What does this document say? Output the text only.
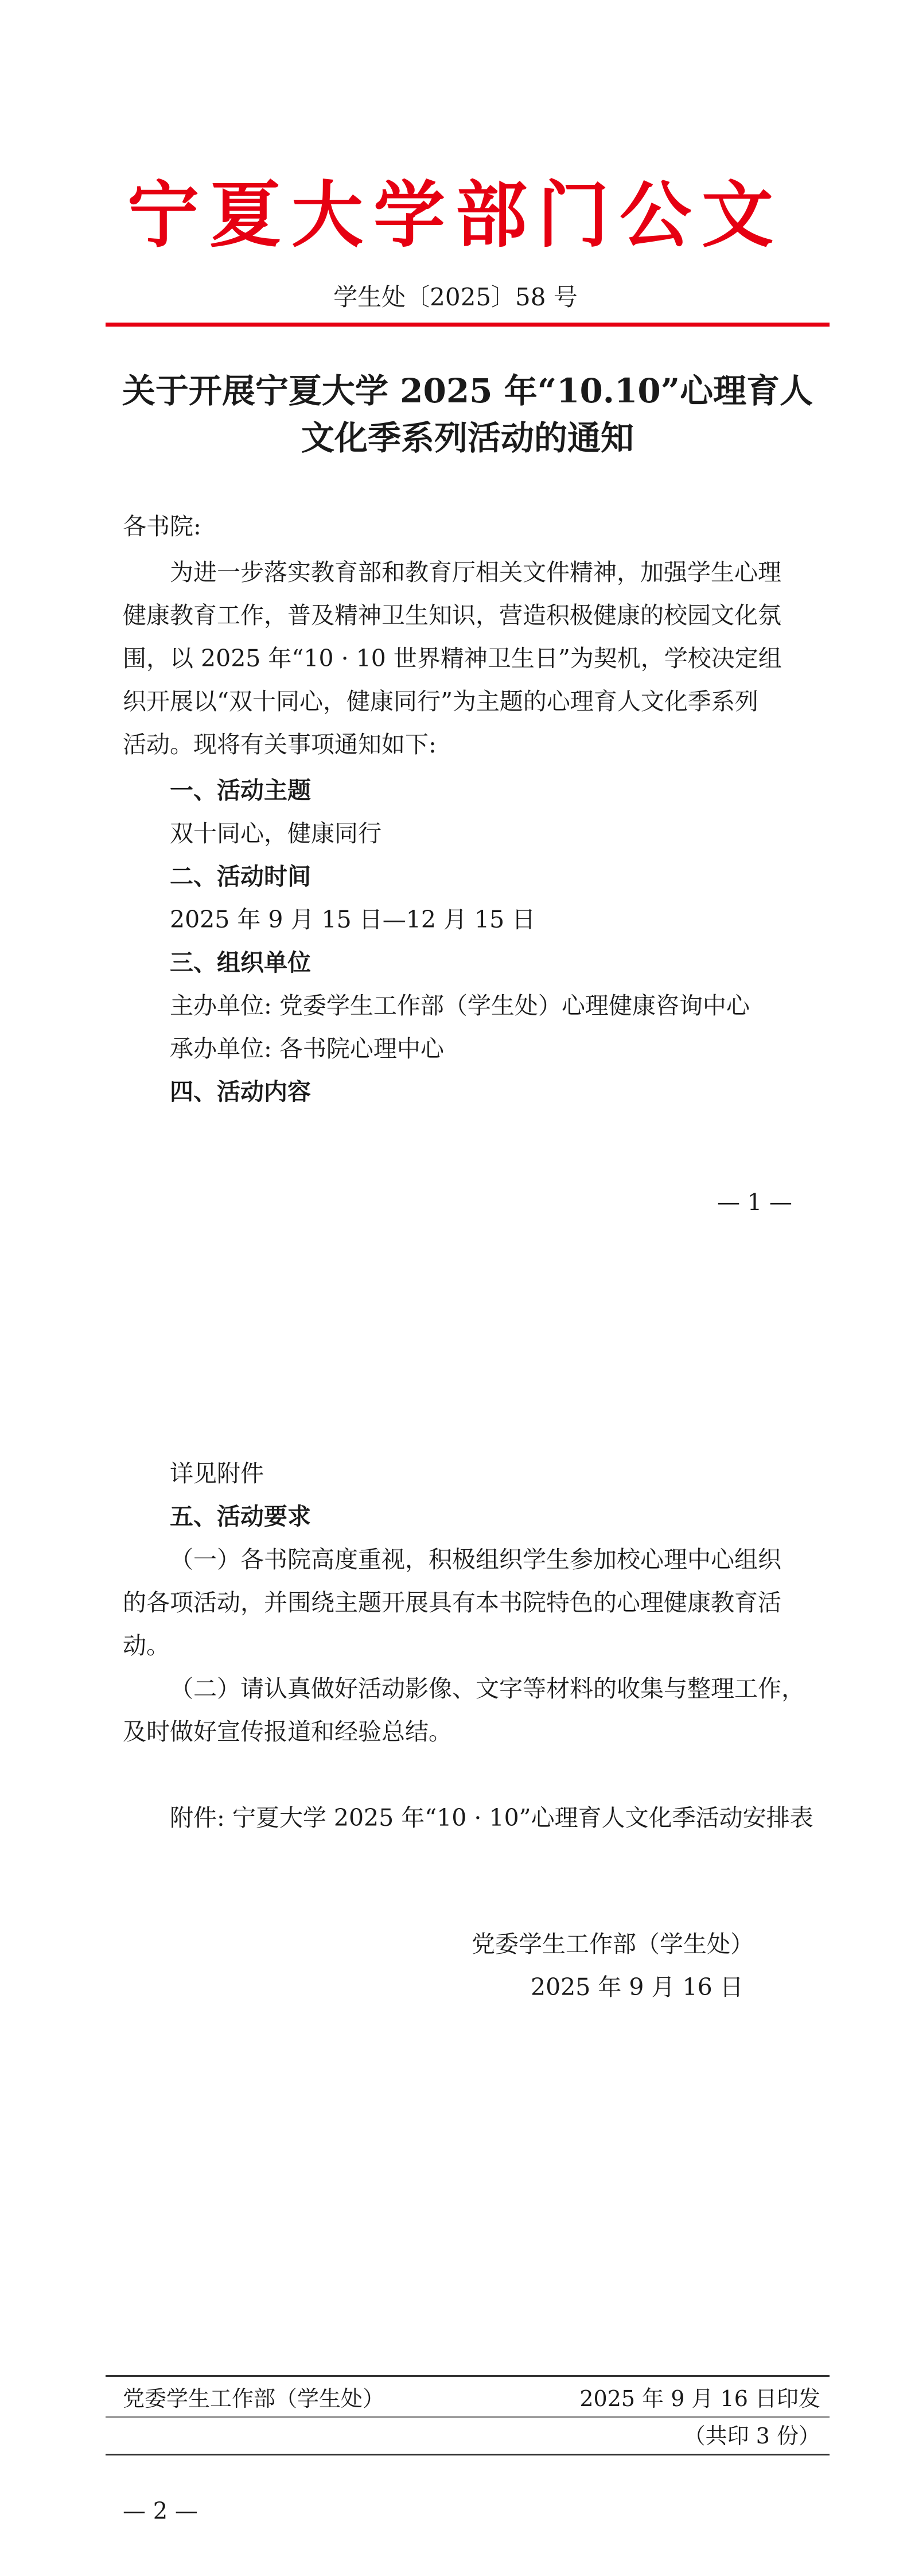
宁夏大学部门公文
学生处〔2025〕58 号
关于开展宁夏大学 2025 年“10.10”心理育人
文化季系列活动的通知
各书院:
为进一步落实教育部和教育厅相关文件精神，加强学生心理
健康教育工作，普及精神卫生知识，营造积极健康的校园文化氛
围，以 2025 年“10 · 10 世界精神卫生日”为契机，学校决定组
织开展以“双十同心，健康同行”为主题的心理育人文化季系列
活动。现将有关事项通知如下:
一、活动主题
双十同心，健康同行
二、活动时间
2025 年 9 月 15 日—12 月 15 日
三、组织单位
主办单位: 党委学生工作部（学生处）心理健康咨询中心
承办单位: 各书院心理中心
四、活动内容
— 1 —
详见附件
五、活动要求
（一）各书院高度重视，积极组织学生参加校心理中心组织
的各项活动，并围绕主题开展具有本书院特色的心理健康教育活
动。
（二）请认真做好活动影像、文字等材料的收集与整理工作，
及时做好宣传报道和经验总结。
附件: 宁夏大学 2025 年“10 · 10”心理育人文化季活动安排表
党委学生工作部（学生处）
2025 年 9 月 16 日
党委学生工作部（学生处）	2025 年 9 月 16 日印发
（共印 3 份）
— 2 —
